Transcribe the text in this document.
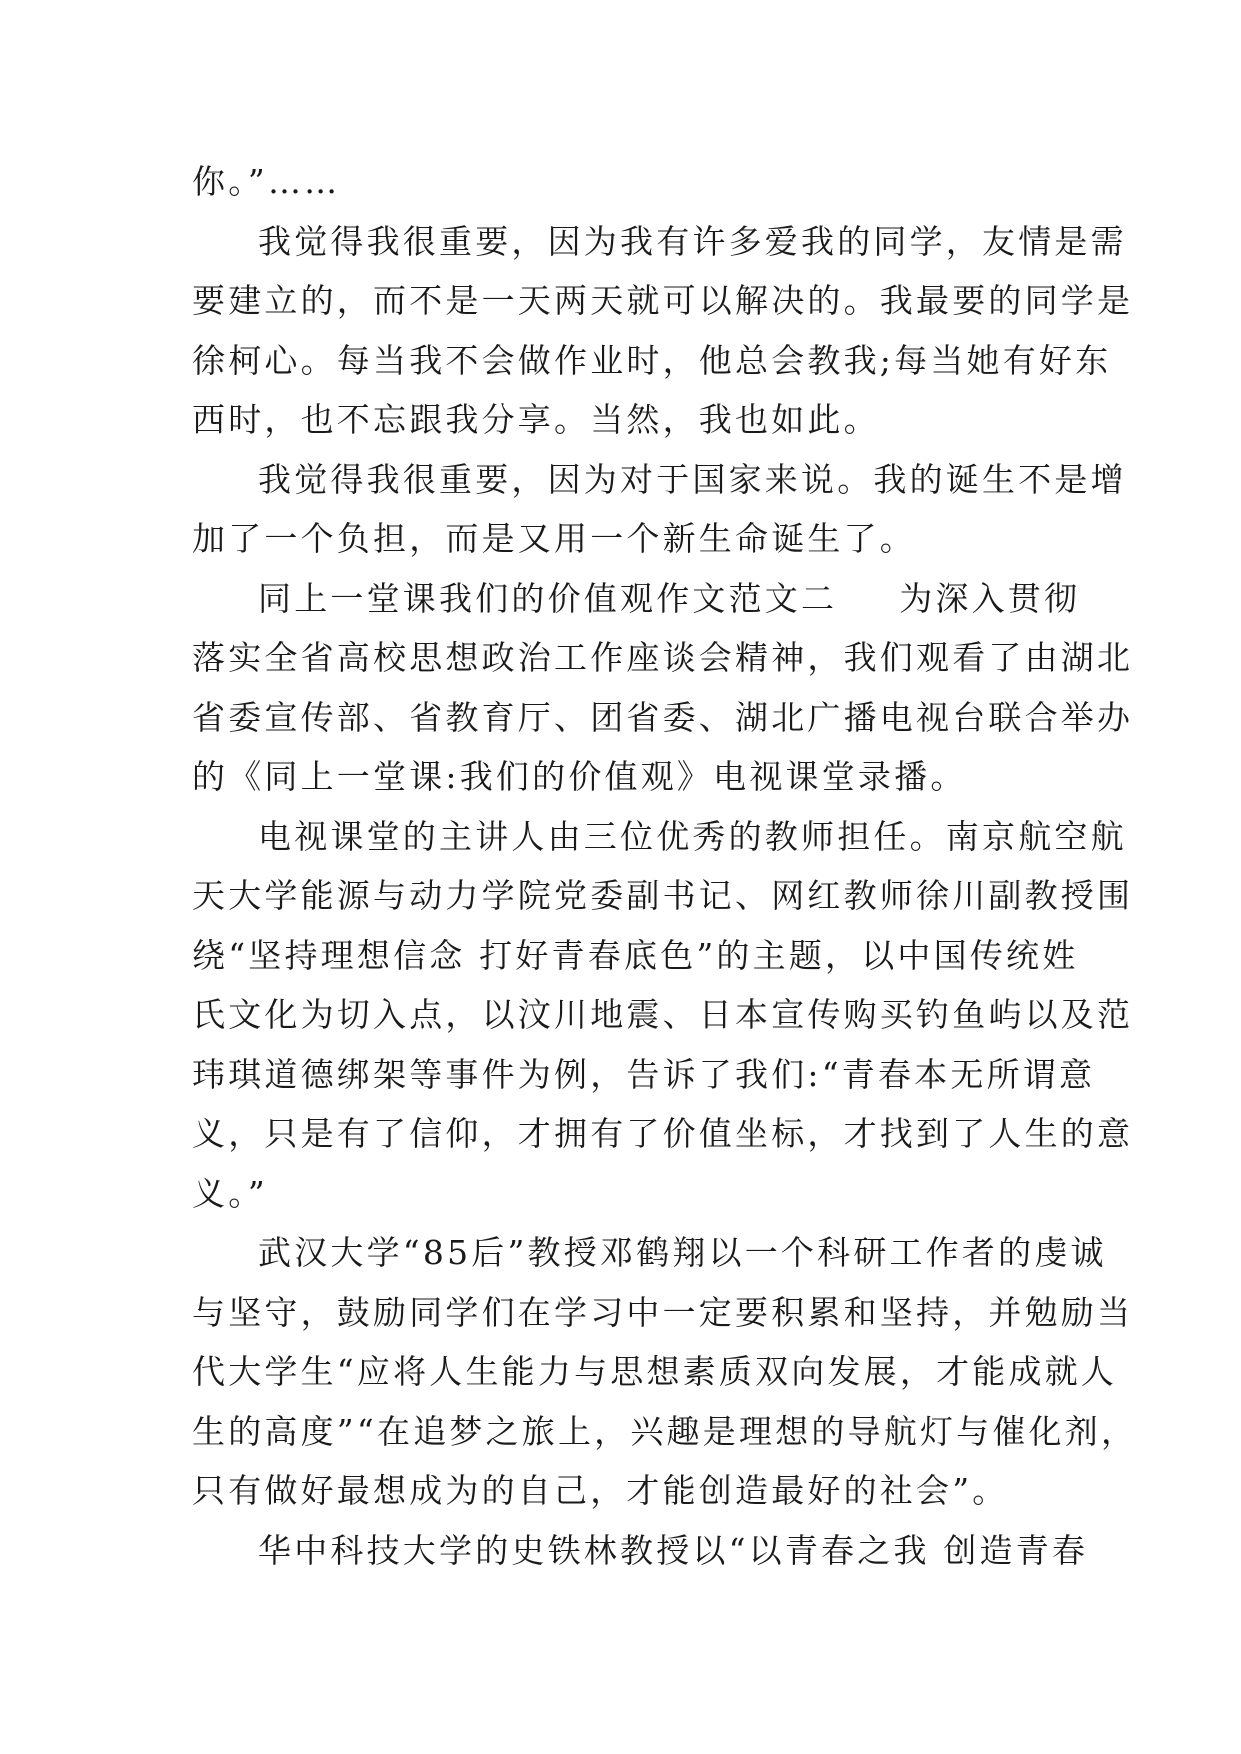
你。”……
我觉得我很重要，因为我有许多爱我的同学，友情是需
要建立的，而不是一天两天就可以解决的。我最要的同学是
徐柯心。每当我不会做作业时，他总会教我;每当她有好东
西时，也不忘跟我分享。当然，我也如此。
我觉得我很重要，因为对于国家来说。我的诞生不是增
加了一个负担，而是又用一个新生命诞生了。
同上一堂课我们的价值观作文范文二 为深入贯彻
落实全省高校思想政治工作座谈会精神，我们观看了由湖北
省委宣传部、省教育厅、团省委、湖北广播电视台联合举办
的《同上一堂课:我们的价值观》电视课堂录播。
电视课堂的主讲人由三位优秀的教师担任。南京航空航
天大学能源与动力学院党委副书记、网红教师徐川副教授围
绕“坚持理想信念 打好青春底色”的主题，以中国传统姓
氏文化为切入点，以汶川地震、日本宣传购买钓鱼屿以及范
玮琪道德绑架等事件为例，告诉了我们:“青春本无所谓意
义，只是有了信仰，才拥有了价值坐标，才找到了人生的意
义。”
武汉大学“85后”教授邓鹤翔以一个科研工作者的虔诚
与坚守，鼓励同学们在学习中一定要积累和坚持，并勉励当
代大学生“应将人生能力与思想素质双向发展，才能成就人
生的高度”“在追梦之旅上，兴趣是理想的导航灯与催化剂，
只有做好最想成为的自己，才能创造最好的社会”。
华中科技大学的史铁林教授以“以青春之我 创造青春
